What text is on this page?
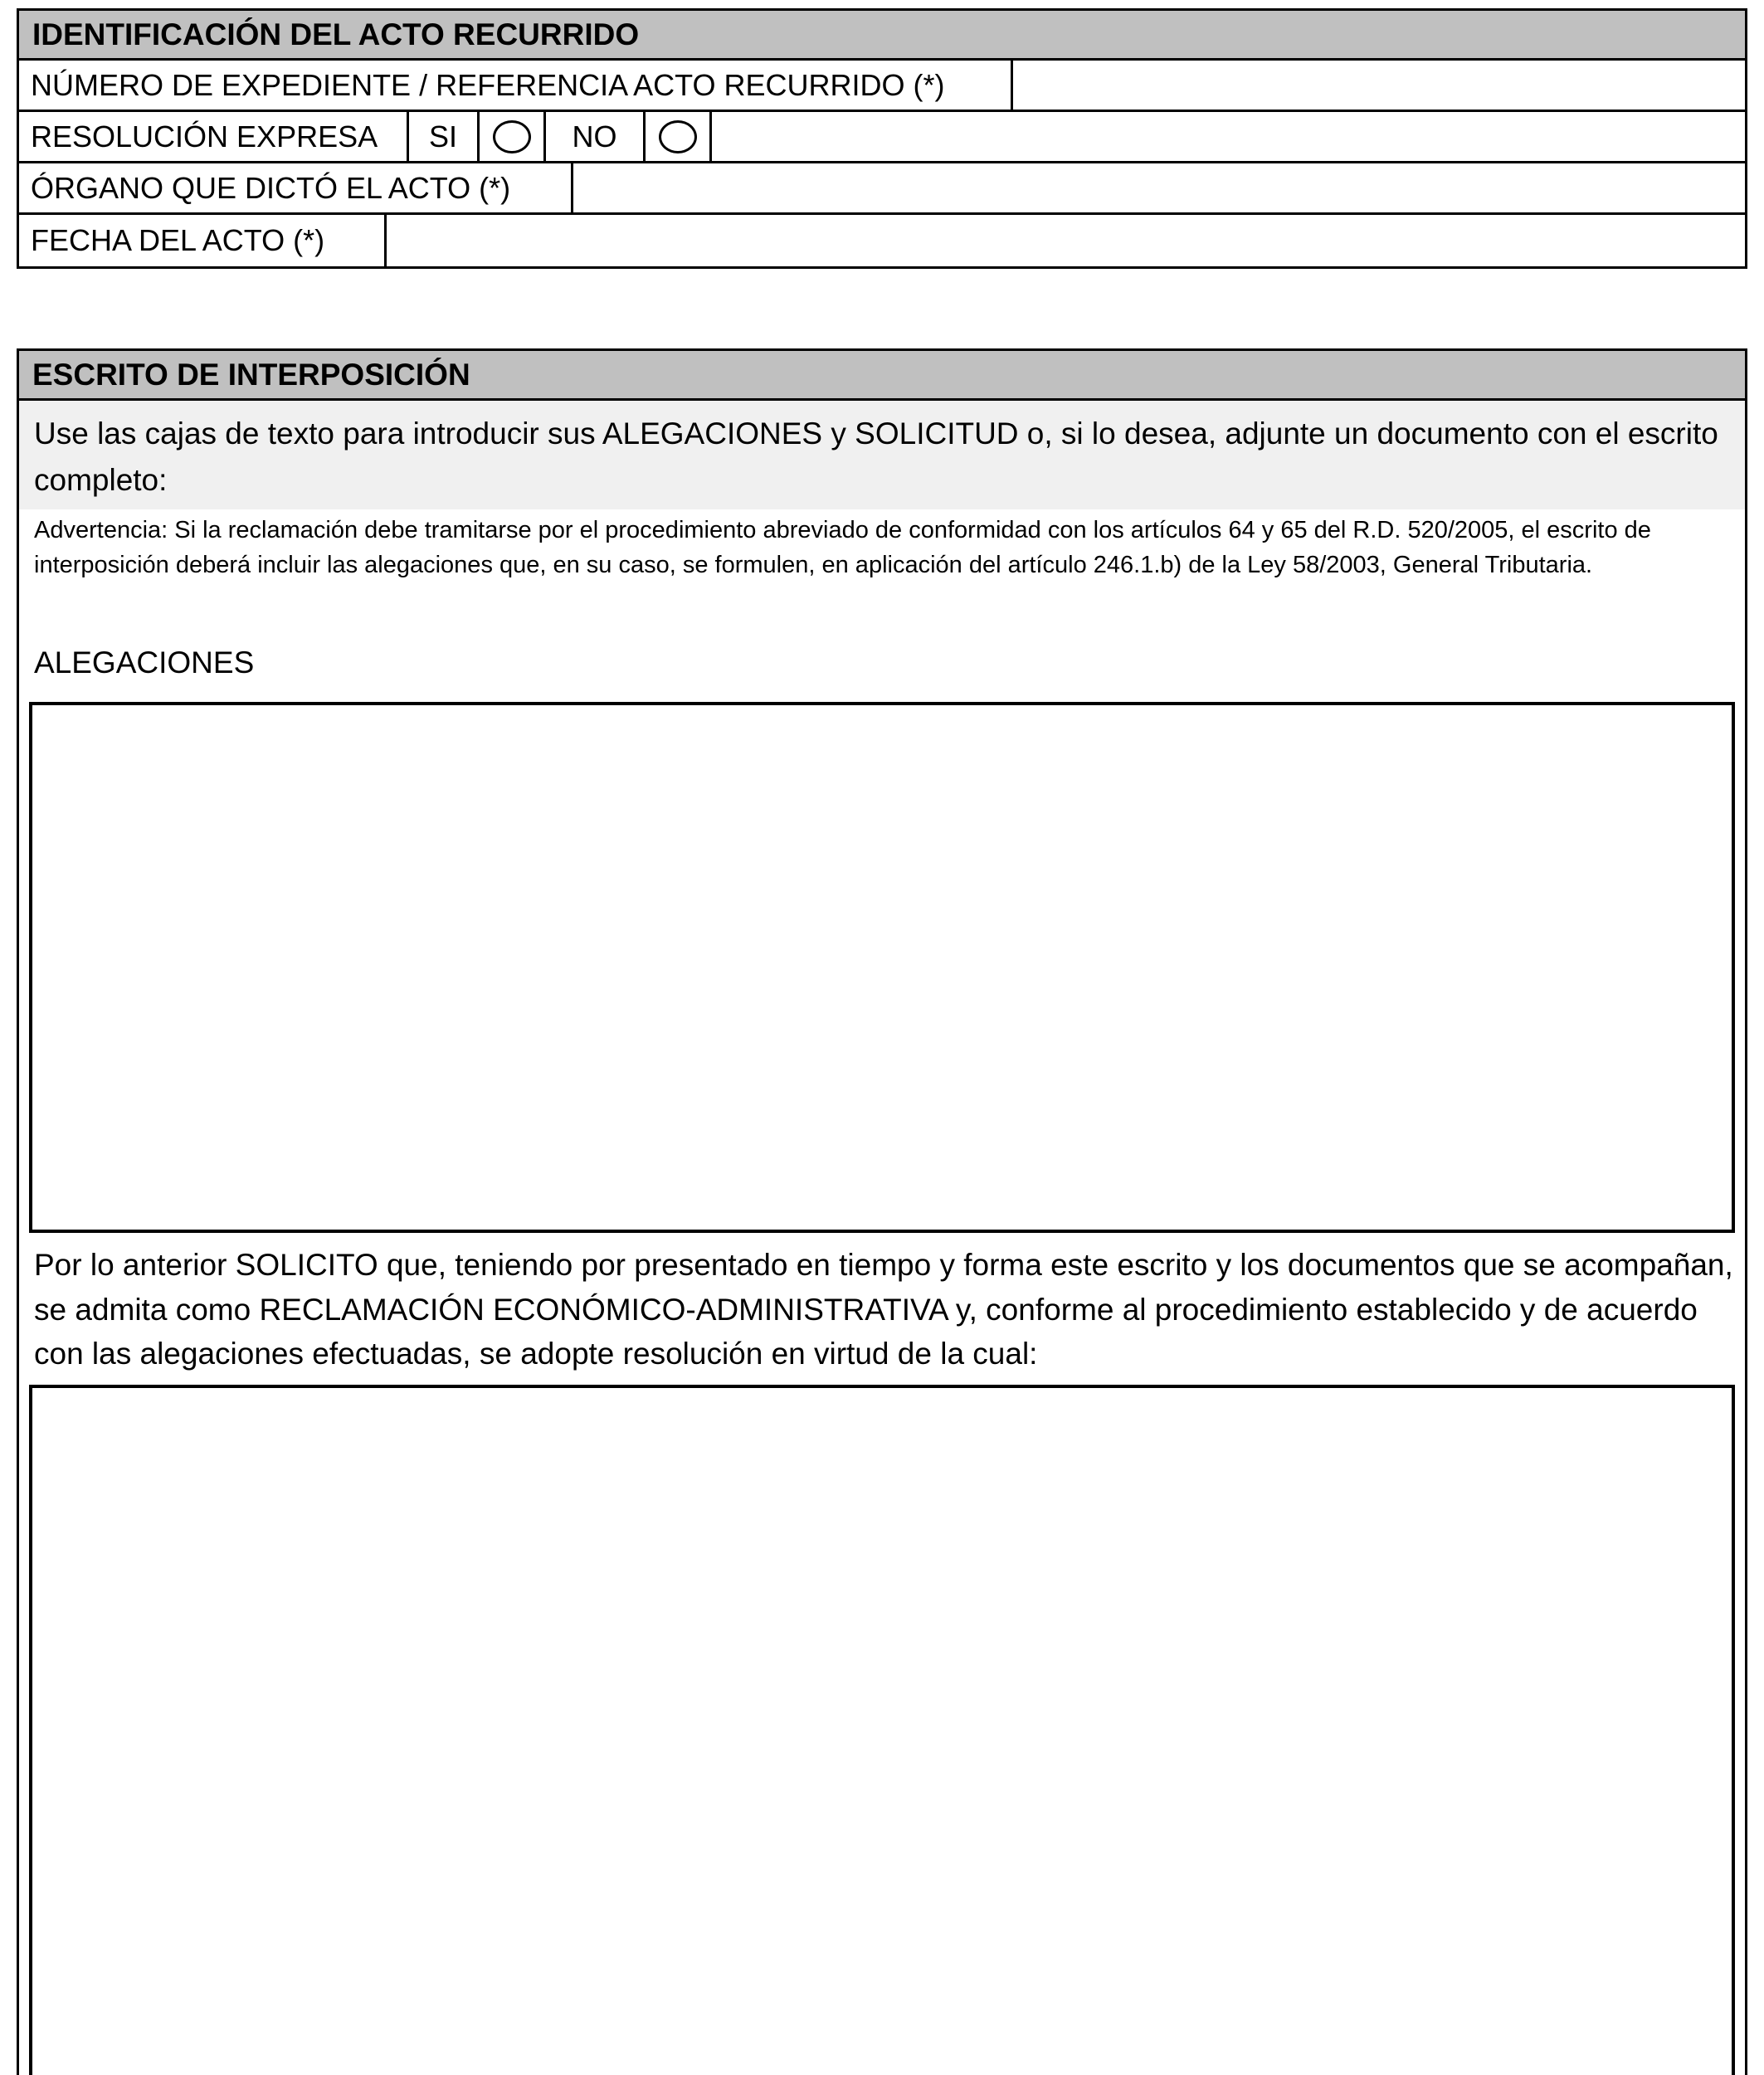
IDENTIFICACIÓN DEL ACTO RECURRIDO
NÚMERO DE EXPEDIENTE / REFERENCIA ACTO RECURRIDO (*)
RESOLUCIÓN EXPRESA	SI	NO
ÓRGANO QUE DICTÓ EL ACTO (*)
FECHA DEL ACTO (*)
ESCRITO DE INTERPOSICIÓN
Use las cajas de texto para introducir sus ALEGACIONES y SOLICITUD o, si lo desea, adjunte un documento con el escrito completo:
Advertencia: Si la reclamación debe tramitarse por el procedimiento abreviado de conformidad con los artículos 64 y 65 del R.D. 520/2005, el escrito de interposición deberá incluir las alegaciones que, en su caso, se formulen, en aplicación del artículo 246.1.b) de la Ley 58/2003, General Tributaria.
ALEGACIONES
Por lo anterior SOLICITO que, teniendo por presentado en tiempo y forma este escrito y los documentos que se acompañan, se admita como RECLAMACIÓN ECONÓMICO-ADMINISTRATIVA y, conforme al procedimiento establecido y de acuerdo con las alegaciones efectuadas, se adopte resolución en virtud de la cual:
